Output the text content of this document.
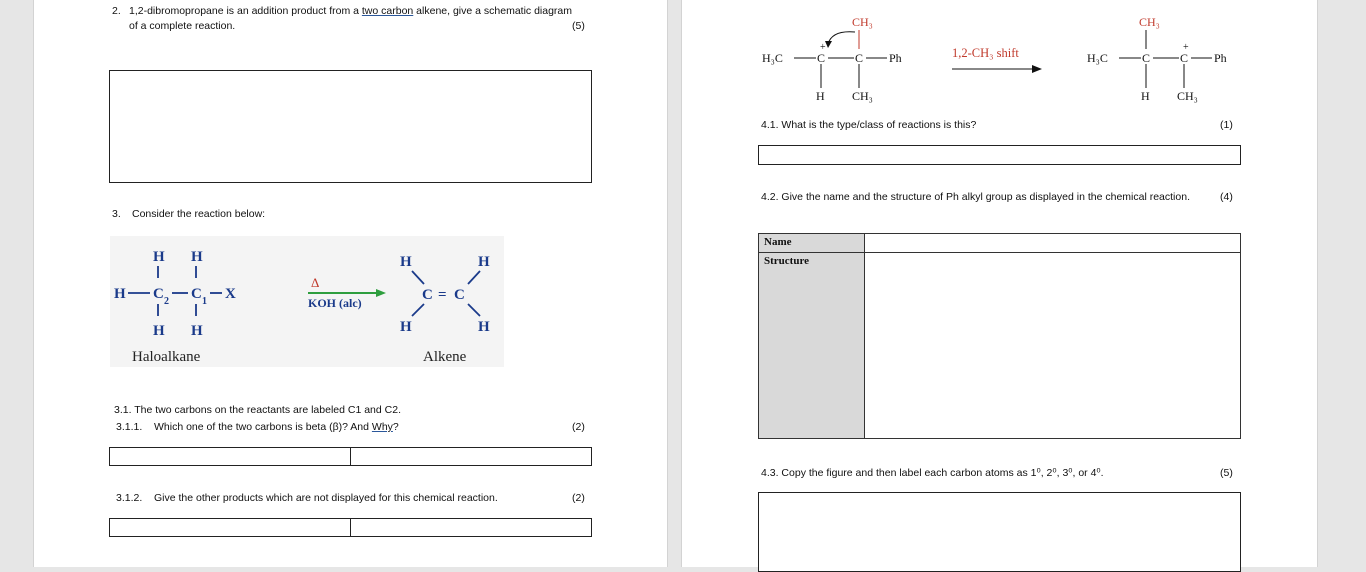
2. 1,2-dibromopropane is an addition product from a two carbon alkene, give a schematic diagram
of a complete reaction.	(5)
3. Consider the reaction below:
H H
H C C X
H H
H	H
C = C
H	H
2	1
Δ
KOH (alc)
Haloalkane	Alkene
3.1. The two carbons on the reactants are labeled C1 and C2.
3.1.1. Which one of the two carbons is beta (β)? And Why?	(2)
3.1.2. Give the other products which are not displayed for this chemical reaction.	(2)
CH₃
H₃C	C C Ph
H CH₃
CH₃
H₃C	C C Ph
H CH₃
+	+
1,2-CH₃ shift
4.1. What is the type/class of reactions is this?	(1)
4.2. Give the name and the structure of Ph alkyl group as displayed in the chemical reaction.	(4)
Name	
Structure	
4.3. Copy the figure and then label each carbon atoms as 1⁰, 2⁰, 3⁰, or 4⁰.	(5)
